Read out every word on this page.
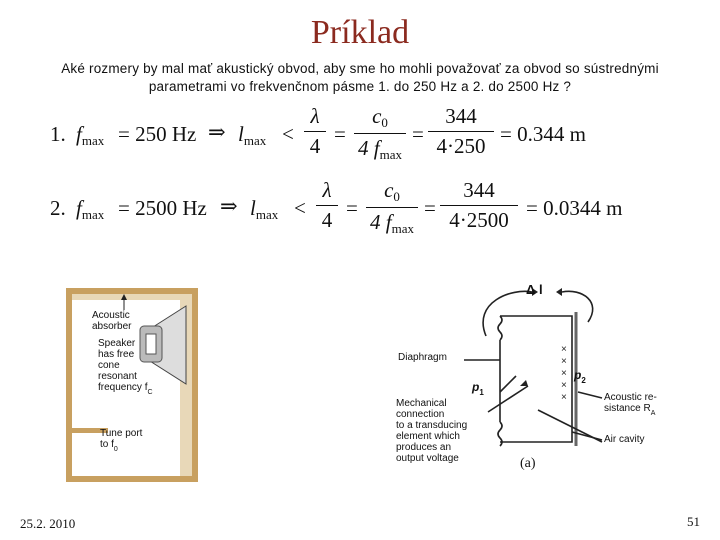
Príklad
Aké rozmery by mal mať akustický obvod, aby sme ho mohli považovať za obvod so sústrednými parametrami vo frekvenčnom pásme 1. do 250 Hz a 2. do 2500 Hz ?
1. $f_{max} = 250$ Hz ⇒ $l_{max}$ <
λ
4 =
$c_0$
4 $f_{max}$
=
344
4·250 = 0.344 m
2. $f_{max} = 2500$ Hz ⇒ $l_{max}$ <
λ
4 =
$c_0$
4 $f_{max}$
=
344
4·2500 = 0.0344 m
Acoustic
absorber
Speaker
has free
cone
resonant
frequency $f_C$
Tune port
to $f_0$
×
×
×
×
×
Δ l
Diaphragm
$p_1$
$p_2$
Mechanical
connection
to a transducing
element which
produces an
output voltage
Acoustic re-
sistance $R_A$
Air cavity
(a)
25.2. 2010	51
